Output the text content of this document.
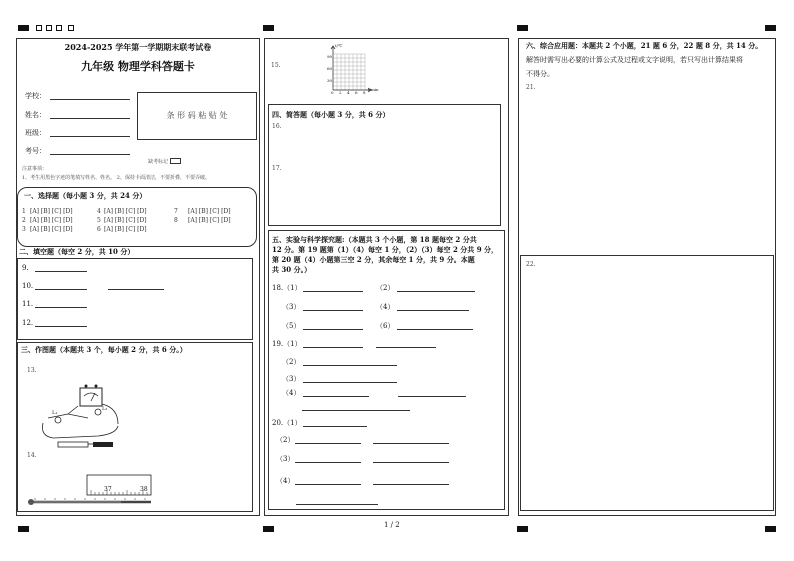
2024-2025 学年第一学期期末联考试卷
九年级 物理学科答题卡
学校：
姓名：
班级：
考号：
条 形 码 粘 贴 处
缺考标记
注意事项：
1、考生用黑色字迹的笔填写姓名、姓名。 2、保持卡面清洁，不要折叠，不要弄破。
一、选择题（每小题 3 分，共 24 分）
1 [A] [B] [C] [D]	4 [A] [B] [C] [D]	7 [A] [B] [C] [D]
2 [A] [B] [C] [D]	5 [A] [B] [C] [D]	8 [A] [B] [C] [D]
3 [A] [B] [C] [D]	6 [A] [B] [C] [D]
二、填空题（每空 2 分，共 10 分）
9.
10.
11.
12.
三、作图题（本题共 3 个，每小题 2 分，共 6 分。）
13.
L₁
L₂
14.
37	38
15.
t/℃
t/min
90
60
30
0 2 4 6 8
四、简答题（每小题 3 分，共 6 分）
16.
17.
五、实验与科学探究题:（本题共 3 个小题，第 18 题每空 2 分共
12 分。第 19 题第（1）（4）每空 1 分，（2）（3）每空 2 分共 9 分，
第 20 题（4）小题第三空 2 分，其余每空 1 分，共 9 分。本题
共 30 分。）
18.（1）	（2）
（3）	（4）
（5）	（6）
19.（1）
（2）
（3）
（4）
20.（1）
（2）
（3）
（4）
1 / 2
六、综合应用题：本题共 2 个小题，21 题 6 分，22 题 8 分，共 14 分。
解答时需写出必要的计算公式及过程或文字说明，若只写出计算结果将
不得分。
21.
22.
